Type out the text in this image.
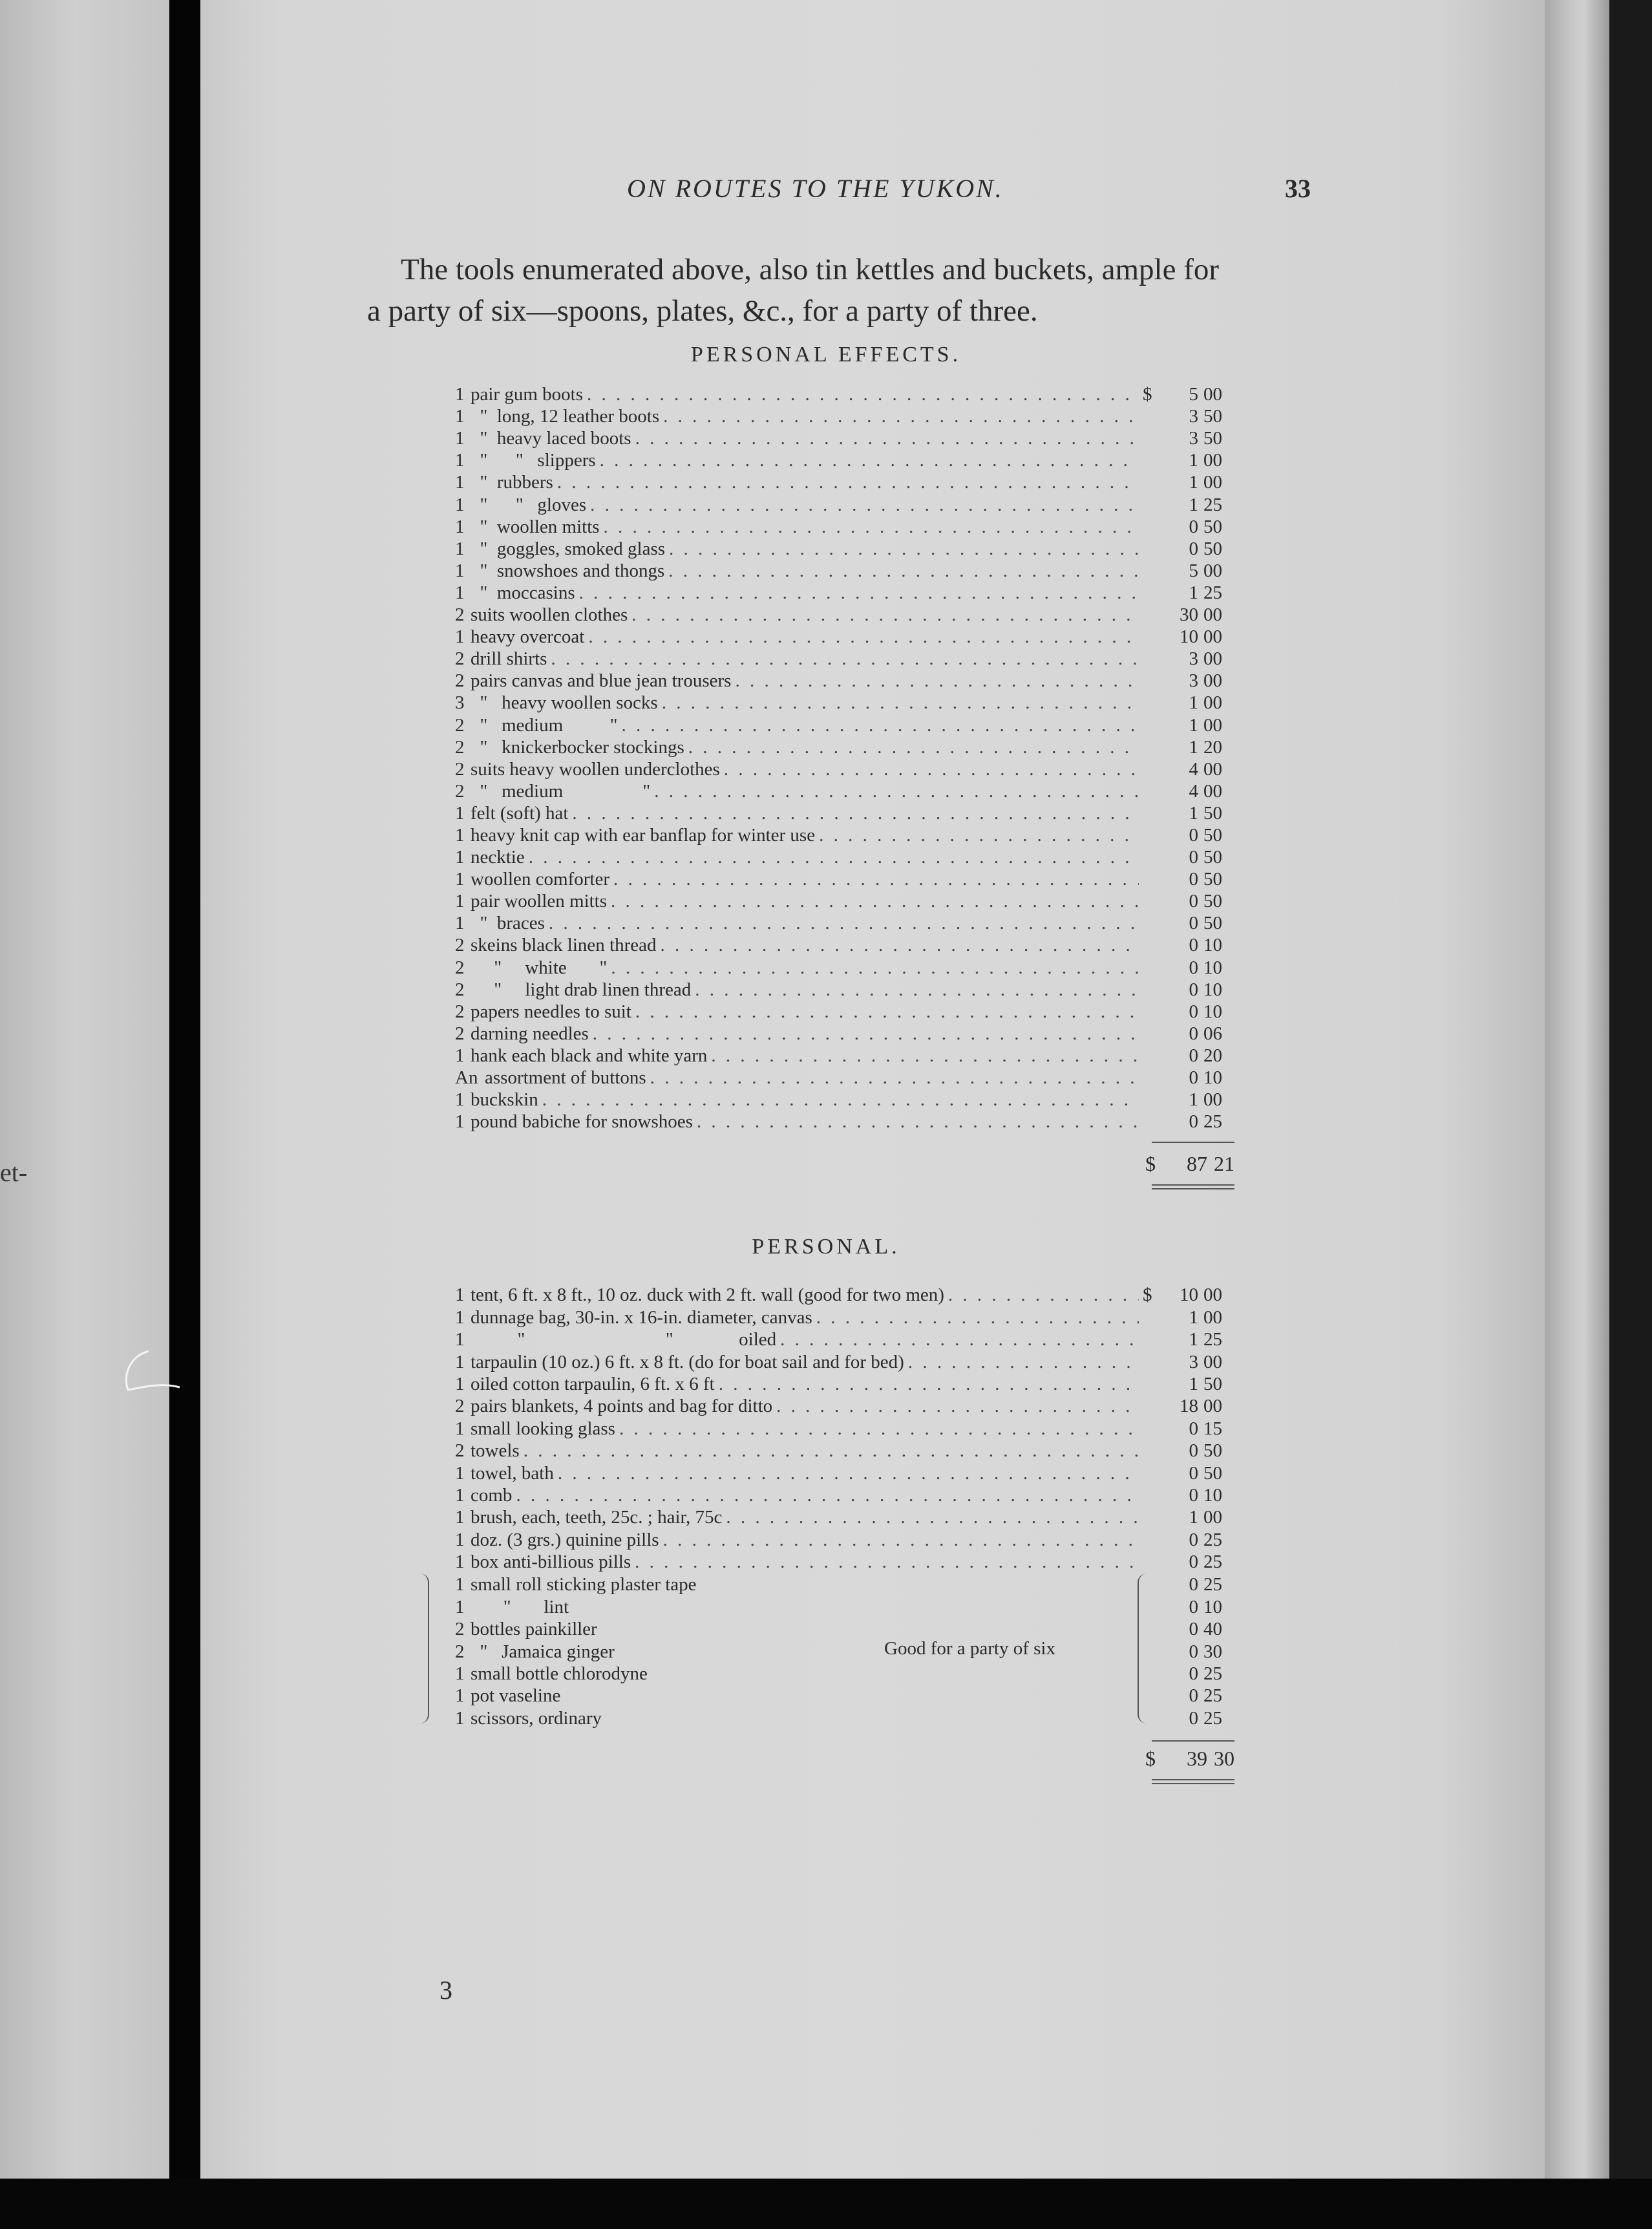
et-
ON ROUTES TO THE YUKON.	33
The tools enumerated above, also tin kettles and buckets, ample for
a party of six—spoons, plates, &c., for a party of three.
PERSONAL EFFECTS.
1 pair gum boots . . .	$	5 00
1 "  long, 12 leather boots . . .	3 50
1 "  heavy laced boots . . .	3 50
1 "      "   slippers . . .	1 00
1 "  rubbers . . .	1 00
1 "      "   gloves . . .	1 25
1 "  woollen mitts . . .	0 50
1 "  goggles, smoked glass . . .	0 50
1 "  snowshoes and thongs . . .	5 00
1 "  moccasins . . .	1 25
2 suits woollen clothes . . .	30 00
1 heavy overcoat . . .	10 00
2 drill shirts . . .	3 00
2 pairs canvas and blue jean trousers . . .	3 00
3 "   heavy woollen socks . . .	1 00
2 "   medium          " . . .	1 00
2 "   knickerbocker stockings . . .	1 20
2 suits heavy woollen underclothes . . .	4 00
2 "   medium                 " . . .	4 00
1 felt (soft) hat . . .	1 50
1 heavy knit cap with ear banflap for winter use . . .	0 50
1 necktie . . .	0 50
1 woollen comforter . . .	0 50
1 pair woollen mitts . . .	0 50
1 "  braces . . .	0 50
2 skeins black linen thread . . .	0 10
2 "     white       " . . .	0 10
2 "     light drab linen thread . . .	0 10
2 papers needles to suit . . .	0 10
2 darning needles . . .	0 06
1 hank each black and white yarn . . .	0 20
An assortment of buttons . . .	0 10
1 buckskin . . .	1 00
1 pound babiche for snowshoes . . .	0 25
$	87 21
PERSONAL.
1 tent, 6 ft. x 8 ft., 10 oz. duck with 2 ft. wall (good for two men) . . .	$	10 00
1 dunnage bag, 30-in. x 16-in. diameter, canvas . . .	1 00
1 "                              "              oiled . . .	1 25
1 tarpaulin (10 oz.) 6 ft. x 8 ft. (do for boat sail and for bed) . . .	3 00
1 oiled cotton tarpaulin, 6 ft. x 6 ft . . .	1 50
2 pairs blankets, 4 points and bag for ditto . . .	18 00
1 small looking glass . . .	0 15
2 towels . . .	0 50
1 towel, bath . . .	0 50
1 comb . . .	0 10
1 brush, each, teeth, 25c. ; hair, 75c . . .	1 00
1 doz. (3 grs.) quinine pills . . .	0 25
1 box anti-billious pills . . .	0 25
1 small roll sticking plaster tape	0 25
1 "       lint	0 10
2 bottles painkiller	0 40
2 "   Jamaica ginger	0 30
1 small bottle chlorodyne	0 25
1 pot vaseline	0 25
1 scissors, ordinary	0 25
Good for a party of six
$	39 30
3
